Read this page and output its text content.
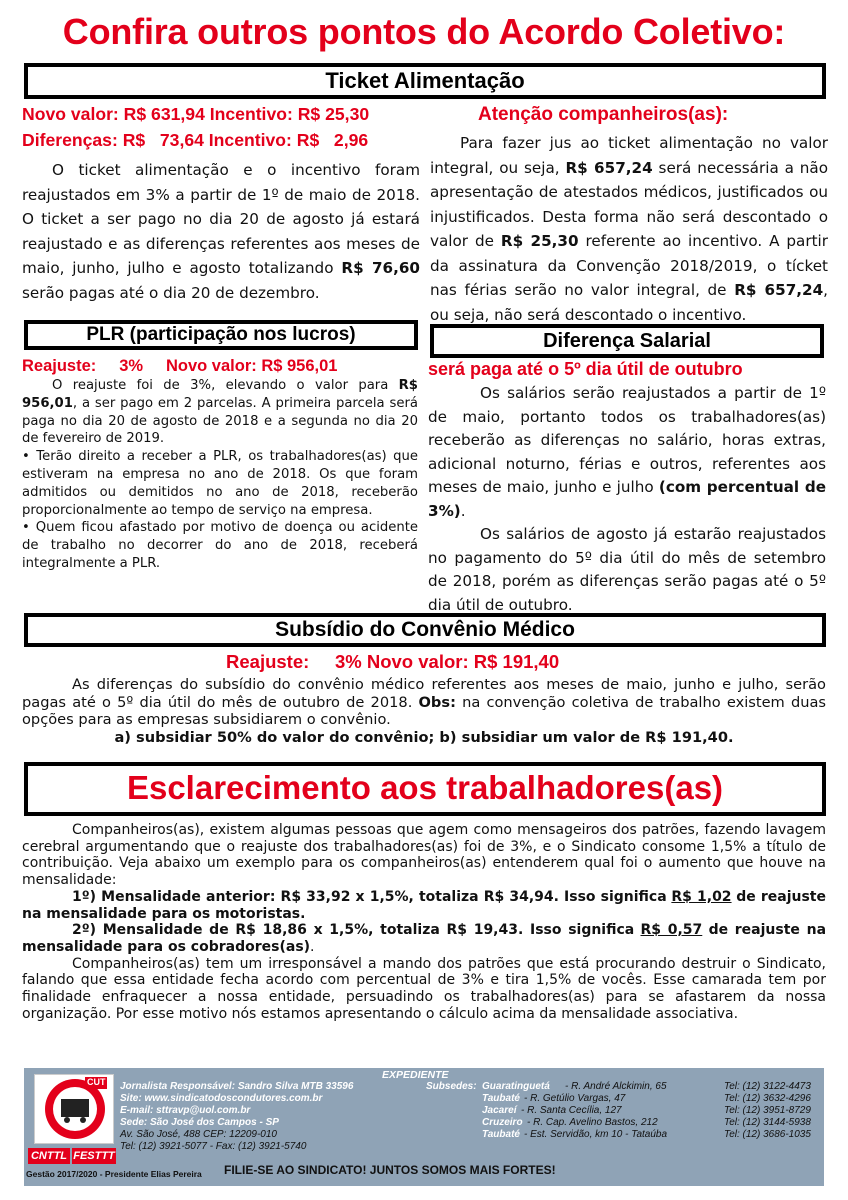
Confira outros pontos do Acordo Coletivo:
Ticket Alimentação
Novo valor: R$ 631,94 Incentivo: R$ 25,30
Diferenças: R$   73,64 Incentivo: R$   2,96
O ticket alimentação e o incentivo foram reajustados em 3% a partir de 1º de maio de 2018. O ticket a ser pago no dia 20 de agosto já estará reajustado e as diferenças referentes aos meses de maio, junho, julho e agosto totalizando R$ 76,60 serão pagas até o dia 20 de dezembro.
Atenção companheiros(as):
Para fazer jus ao ticket alimentação no valor integral, ou seja, R$ 657,24 será necessária a não apresentação de atestados médicos, justificados ou injustificados. Desta forma não será descontado o valor de R$ 25,30 referente ao incentivo. A partir da assinatura da Convenção 2018/2019, o tícket nas férias serão no valor integral, de R$ 657,24, ou seja, não será descontado o incentivo.
PLR (participação nos lucros)
Reajuste:     3%     Novo valor: R$ 956,01
O reajuste foi de 3%, elevando o valor para R$ 956,01, a ser pago em 2 parcelas. A primeira parcela será paga no dia 20 de agosto de 2018 e a segunda no dia 20 de fevereiro de 2019.
• Terão direito a receber a PLR, os trabalhadores(as) que estiveram na empresa no ano de 2018. Os que foram admitidos ou demitidos no ano de 2018, receberão proporcionalmente ao tempo de serviço na empresa.
• Quem ficou afastado por motivo de doença ou acidente de trabalho no decorrer do ano de 2018, receberá integralmente a PLR.
Diferença Salarial
será paga até o 5º dia útil de outubro
Os salários serão reajustados a partir de 1º de maio, portanto todos os trabalhadores(as) receberão as diferenças no salário, horas extras, adicional noturno, férias e outros, referentes aos meses de maio, junho e julho (com percentual de 3%).
Os salários de agosto já estarão reajustados no pagamento do 5º dia útil do mês de setembro de 2018, porém as diferenças serão pagas até o 5º dia útil de outubro.
Subsídio do Convênio Médico
Reajuste:     3% Novo valor: R$ 191,40
As diferenças do subsídio do convênio médico referentes aos meses de maio, junho e julho, serão pagas até o 5º dia útil do mês de outubro de 2018. Obs: na convenção coletiva de trabalho existem duas opções para as empresas subsidiarem o convênio.
a) subsidiar 50% do valor do convênio; b) subsidiar um valor de R$ 191,40.
Esclarecimento aos trabalhadores(as)
Companheiros(as), existem algumas pessoas que agem como mensageiros dos patrões, fazendo lavagem cerebral argumentando que o reajuste dos trabalhadores(as) foi de 3%, e o Sindicato consome 1,5% a título de contribuição. Veja abaixo um exemplo para os companheiros(as) entenderem qual foi o aumento que houve na mensalidade:
1º) Mensalidade anterior: R$ 33,92 x 1,5%, totaliza R$ 34,94. Isso significa R$ 1,02 de reajuste na mensalidade para os motoristas.
2º) Mensalidade de R$ 18,86 x 1,5%, totaliza R$ 19,43. Isso significa R$ 0,57 de reajuste na mensalidade para os cobradores(as).
Companheiros(as) tem um irresponsável a mando dos patrões que está procurando destruir o Sindicato, falando que essa entidade fecha acordo com percentual de 3% e tira 1,5% de vocês. Esse camarada tem por finalidade enfraquecer a nossa entidade, persuadindo os trabalhadores(as) para se afastarem da nossa organização. Por esse motivo nós estamos apresentando o cálculo acima da mensalidade associativa.
CUT
CNTTL FESTTT
Gestão 2017/2020 - Presidente Elias Pereira
EXPEDIENTE
Jornalista Responsável: Sandro Silva MTB 33596
Site: www.sindicatodoscondutores.com.br
E-mail: sttravp@uol.com.br
Sede: São José dos Campos - SP
Av. São José, 488 CEP: 12209-010
Tel: (12) 3921-5077 - Fax: (12) 3921-5740
Subsedes: Guaratinguetá - R. André Alckimin, 65	Tel: (12) 3122-4473
Taubaté - R. Getúlio Vargas, 47	Tel: (12) 3632-4296
Jacareí - R. Santa Cecília, 127	Tel: (12) 3951-8729
Cruzeiro - R. Cap. Avelino Bastos, 212	Tel: (12) 3144-5938
Taubaté - Est. Servidão, km 10 - Tataúba	Tel: (12) 3686-1035
FILIE-SE AO SINDICATO! JUNTOS SOMOS MAIS FORTES!
